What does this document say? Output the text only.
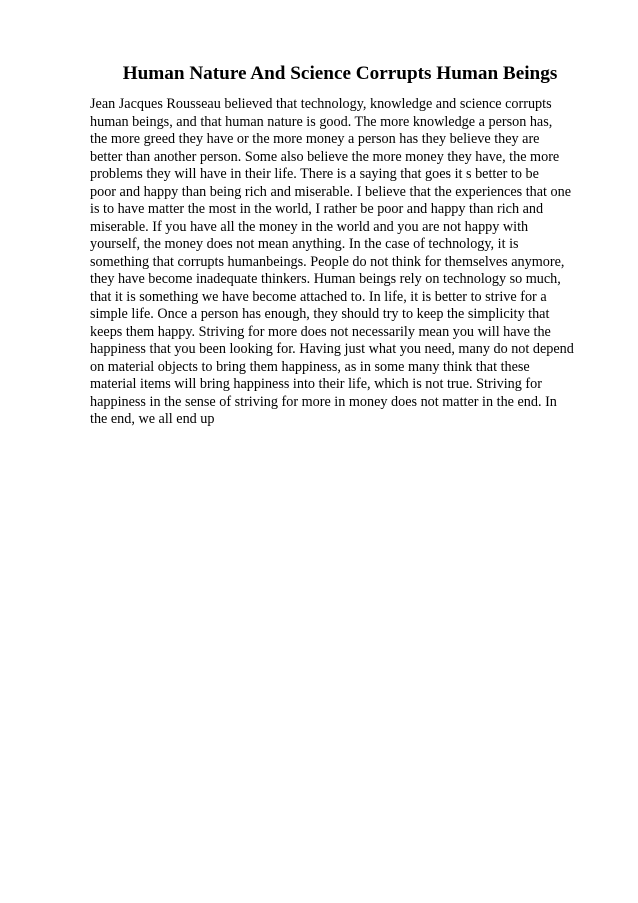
Human Nature And Science Corrupts Human Beings
Jean Jacques Rousseau believed that technology, knowledge and science corrupts
human beings, and that human nature is good. The more knowledge a person has,
the more greed they have or the more money a person has they believe they are
better than another person. Some also believe the more money they have, the more
problems they will have in their life. There is a saying that goes it s better to be
poor and happy than being rich and miserable. I believe that the experiences that one
is to have matter the most in the world, I rather be poor and happy than rich and
miserable. If you have all the money in the world and you are not happy with
yourself, the money does not mean anything. In the case of technology, it is
something that corrupts humanbeings. People do not think for themselves anymore,
they have become inadequate thinkers. Human beings rely on technology so much,
that it is something we have become attached to. In life, it is better to strive for a
simple life. Once a person has enough, they should try to keep the simplicity that
keeps them happy. Striving for more does not necessarily mean you will have the
happiness that you been looking for. Having just what you need, many do not depend
on material objects to bring them happiness, as in some many think that these
material items will bring happiness into their life, which is not true. Striving for
happiness in the sense of striving for more in money does not matter in the end. In
the end, we all end up
